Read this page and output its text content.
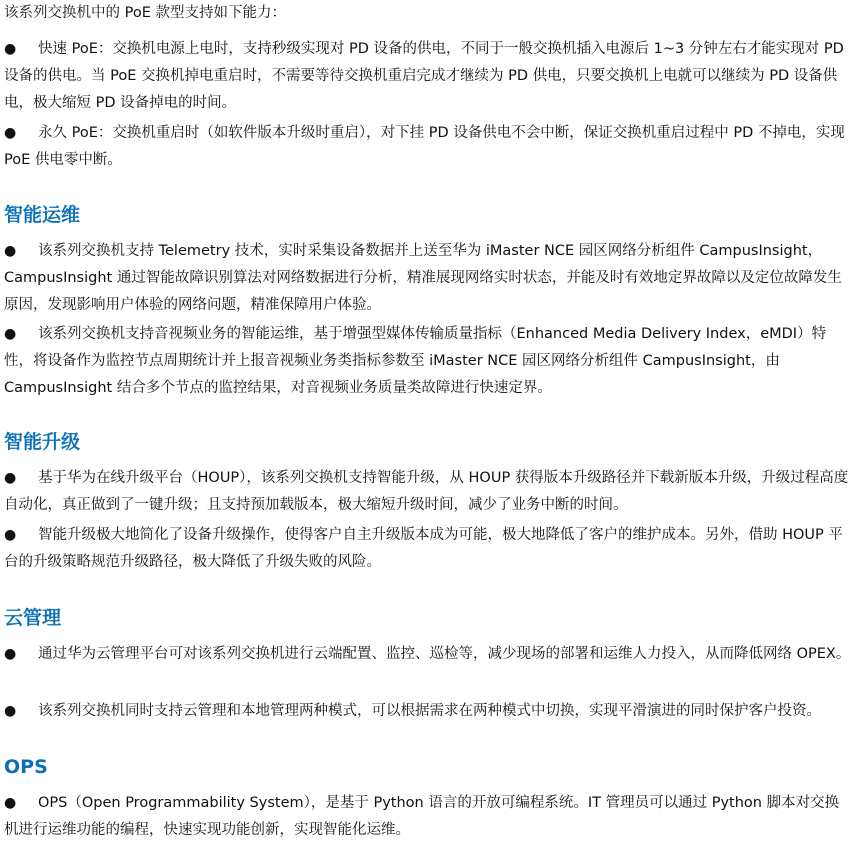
该系列交换机中的 PoE 款型支持如下能力：
● 快速 PoE：交换机电源上电时，支持秒级实现对 PD 设备的供电，不同于一般交换机插入电源后 1~3 分钟左右才能实现对 PD 设备的供电。当 PoE 交换机掉电重启时，不需要等待交换机重启完成才继续为 PD 供电，只要交换机上电就可以继续为 PD 设备供电，极大缩短 PD 设备掉电的时间。
● 永久 PoE：交换机重启时（如软件版本升级时重启），对下挂 PD 设备供电不会中断，保证交换机重启过程中 PD 不掉电，实现 PoE 供电零中断。
智能运维
● 该系列交换机支持 Telemetry 技术，实时采集设备数据并上送至华为 iMaster NCE 园区网络分析组件 CampusInsight，CampusInsight 通过智能故障识别算法对网络数据进行分析，精准展现网络实时状态，并能及时有效地定界故障以及定位故障发生原因，发现影响用户体验的网络问题，精准保障用户体验。
● 该系列交换机支持音视频业务的智能运维，基于增强型媒体传输质量指标（Enhanced Media Delivery Index，eMDI）特性，将设备作为监控节点周期统计并上报音视频业务类指标参数至 iMaster NCE 园区网络分析组件 CampusInsight，由 CampusInsight 结合多个节点的监控结果，对音视频业务质量类故障进行快速定界。
智能升级
● 基于华为在线升级平台（HOUP），该系列交换机支持智能升级，从 HOUP 获得版本升级路径并下载新版本升级，升级过程高度自动化，真正做到了一键升级；且支持预加载版本，极大缩短升级时间，减少了业务中断的时间。
● 智能升级极大地简化了设备升级操作，使得客户自主升级版本成为可能，极大地降低了客户的维护成本。另外，借助 HOUP 平台的升级策略规范升级路径，极大降低了升级失败的风险。
云管理
● 通过华为云管理平台可对该系列交换机进行云端配置、监控、巡检等，减少现场的部署和运维人力投入，从而降低网络 OPEX。
● 该系列交换机同时支持云管理和本地管理两种模式，可以根据需求在两种模式中切换，实现平滑演进的同时保护客户投资。
OPS
● OPS（Open Programmability System），是基于 Python 语言的开放可编程系统。IT 管理员可以通过 Python 脚本对交换机进行运维功能的编程，快速实现功能创新，实现智能化运维。
